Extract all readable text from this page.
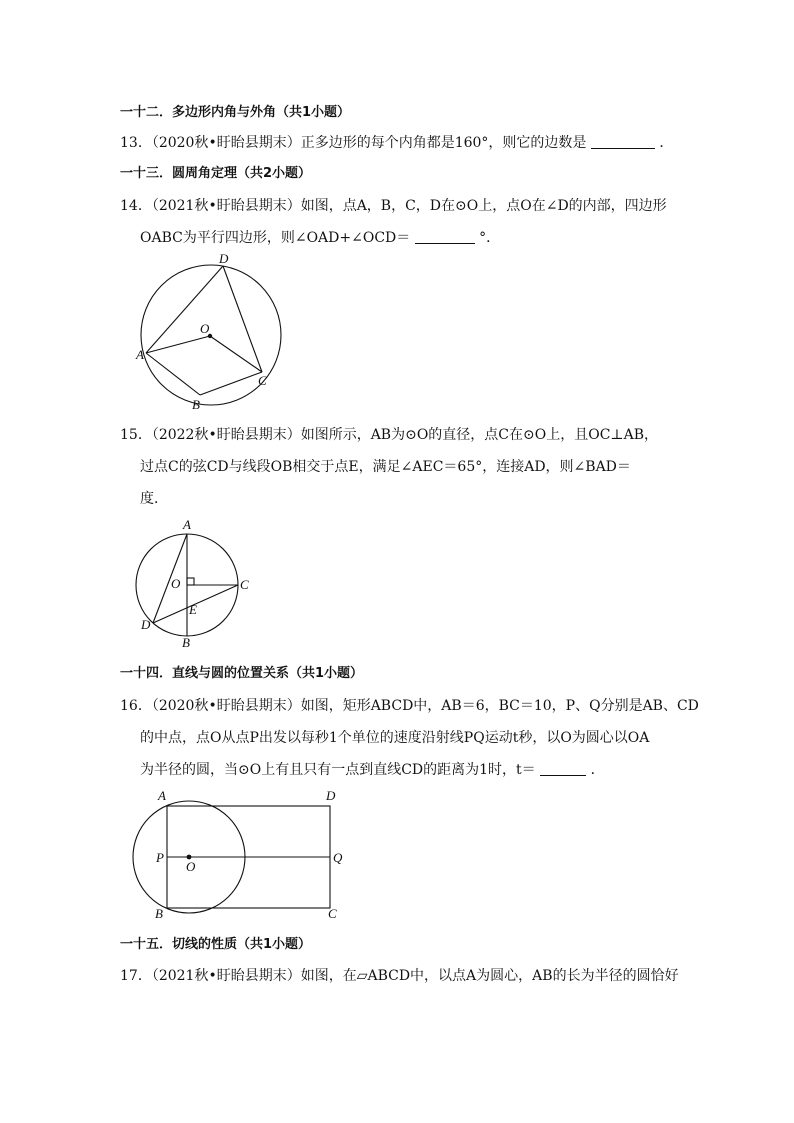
一十二．多边形内角与外角（共1小题）
13．（2020秋•盱眙县期末）正多边形的每个内角都是160°，则它的边数是	．
一十三．圆周角定理（共2小题）
14．（2021秋•盱眙县期末）如图，点A，B，C，D在⊙O上，点O在∠D的内部，四边形
OABC为平行四边形，则∠OAD+∠OCD＝	°．
D
O
A
C
B
15．（2022秋•盱眙县期末）如图所示，AB为⊙O的直径，点C在⊙O上，且OC⊥AB，
过点C的弦CD与线段OB相交于点E，满足∠AEC＝65°，连接AD，则∠BAD＝
度．
A
O	C
E
D
B
一十四．直线与圆的位置关系（共1小题）
16．（2020秋•盱眙县期末）如图，矩形ABCD中，AB＝6，BC＝10，P、Q分别是AB、CD
的中点，点O从点P出发以每秒1个单位的速度沿射线PQ运动t秒，以O为圆心以OA
为半径的圆，当⊙O上有且只有一点到直线CD的距离为1时，t＝	．
A	D
P
O
Q
B	C
一十五．切线的性质（共1小题）
17．（2021秋•盱眙县期末）如图，在▱ABCD中，以点A为圆心，AB的长为半径的圆恰好
